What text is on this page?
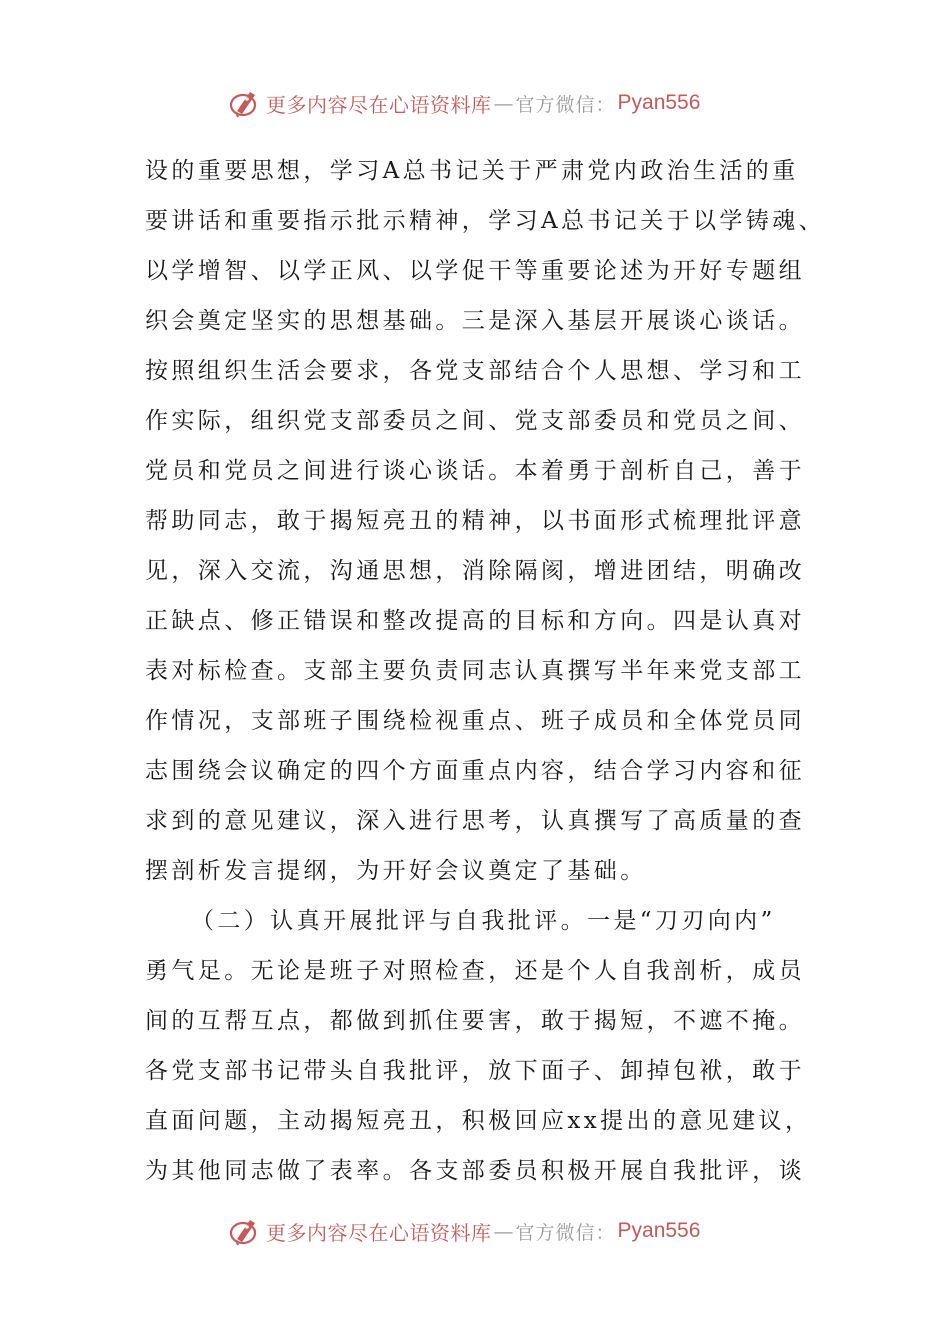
更多内容尽在心语资料库 — 官方微信： Pyan556
设的重要思想，学习A总书记关于严肃党内政治生活的重
要讲话和重要指示批示精神，学习A总书记关于以学铸魂、
以学增智、以学正风、以学促干等重要论述为开好专题组
织会奠定坚实的思想基础。三是深入基层开展谈心谈话。
按照组织生活会要求，各党支部结合个人思想、学习和工
作实际，组织党支部委员之间、党支部委员和党员之间、
党员和党员之间进行谈心谈话。本着勇于剖析自己，善于
帮助同志，敢于揭短亮丑的精神，以书面形式梳理批评意
见，深入交流，沟通思想，消除隔阂，增进团结，明确改
正缺点、修正错误和整改提高的目标和方向。四是认真对
表对标检查。支部主要负责同志认真撰写半年来党支部工
作情况，支部班子围绕检视重点、班子成员和全体党员同
志围绕会议确定的四个方面重点内容，结合学习内容和征
求到的意见建议，深入进行思考，认真撰写了高质量的查
摆剖析发言提纲，为开好会议奠定了基础。
（二）认真开展批评与自我批评。一是“刀刃向内”
勇气足。无论是班子对照检查，还是个人自我剖析，成员
间的互帮互点，都做到抓住要害，敢于揭短，不遮不掩。
各党支部书记带头自我批评，放下面子、卸掉包袱，敢于
直面问题，主动揭短亮丑，积极回应xx提出的意见建议，
为其他同志做了表率。各支部委员积极开展自我批评，谈
更多内容尽在心语资料库 — 官方微信： Pyan556
